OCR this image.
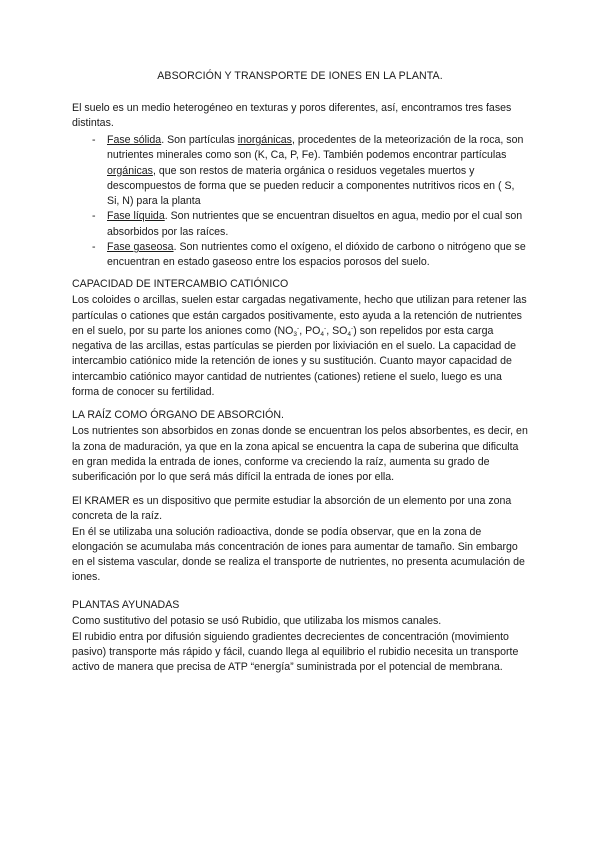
ABSORCIÓN Y TRANSPORTE DE IONES EN LA PLANTA.

El suelo es un medio heterogéneo en texturas y poros diferentes, así, encontramos tres fases distintas.

- Fase sólida. Son partículas inorgánicas, procedentes de la meteorización de la roca, son nutrientes minerales como son (K, Ca, P, Fe). También podemos encontrar partículas orgánicas, que son restos de materia orgánica o residuos vegetales muertos y descompuestos de forma que se pueden reducir a componentes nutritivos ricos en ( S, Si, N) para la planta
- Fase líquida. Son nutrientes que se encuentran disueltos en agua, medio por el cual son absorbidos por las raíces.
- Fase gaseosa. Son nutrientes como el oxígeno, el dióxido de carbono o nitrógeno que se encuentran en estado gaseoso entre los espacios porosos del suelo.

CAPACIDAD DE INTERCAMBIO CATIÓNICO

Los coloides o arcillas, suelen estar cargadas negativamente, hecho que utilizan para retener las partículas o cationes que están cargados positivamente, esto ayuda a la retención de nutrientes en el suelo, por su parte los aniones como ($NO_3^-$, $PO_4^-$, $SO_4^-$) son repelidos por esta carga negativa de las arcillas, estas partículas se pierden por lixiviación en el suelo. La capacidad de intercambio catiónico mide la retención de iones y su sustitución. Cuanto mayor capacidad de intercambio catiónico mayor cantidad de nutrientes (cationes) retiene el suelo, luego es una forma de conocer su fertilidad.

LA RAÍZ COMO ÓRGANO DE ABSORCIÓN.

Los nutrientes son absorbidos en zonas donde se encuentran los pelos absorbentes, es decir, en la zona de maduración, ya que en la zona apical se encuentra la capa de suberina que dificulta en gran medida la entrada de iones, conforme va creciendo la raíz, aumenta su grado de suberificación por lo que será más difícil la entrada de iones por ella.

El KRAMER es un dispositivo que permite estudiar la absorción de un elemento por una zona concreta de la raíz.

En él se utilizaba una solución radioactiva, donde se podía observar, que en la zona de elongación se acumulaba más concentración de iones para aumentar de tamaño. Sin embargo en el sistema vascular, donde se realiza el transporte de nutrientes, no presenta acumulación de iones.

PLANTAS AYUNADAS

Como sustitutivo del potasio se usó Rubidio, que utilizaba los mismos canales.

El rubidio entra por difusión siguiendo gradientes decrecientes de concentración (movimiento pasivo) transporte más rápido y fácil, cuando llega al equilibrio el rubidio necesita un transporte activo de manera que precisa de ATP “energía” suministrada por el potencial de membrana.
